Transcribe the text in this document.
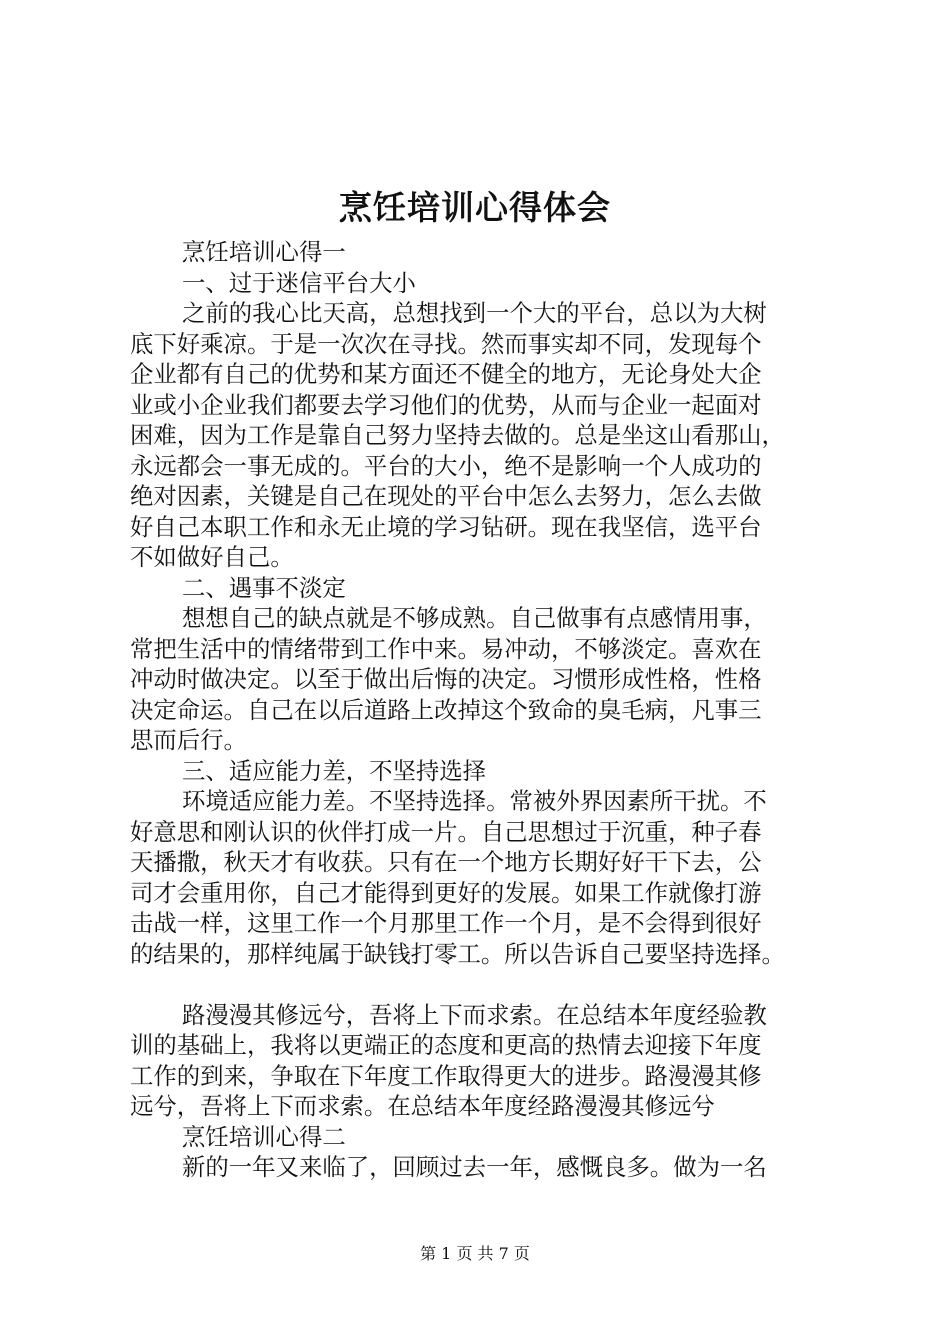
烹饪培训心得体会
烹饪培训心得一
一、过于迷信平台大小
之前的我心比天高，总想找到一个大的平台，总以为大树
底下好乘凉。于是一次次在寻找。然而事实却不同，发现每个
企业都有自己的优势和某方面还不健全的地方，无论身处大企
业或小企业我们都要去学习他们的优势，从而与企业一起面对
困难，因为工作是靠自己努力坚持去做的。总是坐这山看那山，
永远都会一事无成的。平台的大小，绝不是影响一个人成功的
绝对因素，关键是自己在现处的平台中怎么去努力，怎么去做
好自己本职工作和永无止境的学习钻研。现在我坚信，选平台
不如做好自己。
二、遇事不淡定
想想自己的缺点就是不够成熟。自己做事有点感情用事，
常把生活中的情绪带到工作中来。易冲动，不够淡定。喜欢在
冲动时做决定。以至于做出后悔的决定。习惯形成性格，性格
决定命运。自己在以后道路上改掉这个致命的臭毛病，凡事三
思而后行。
三、适应能力差，不坚持选择
环境适应能力差。不坚持选择。常被外界因素所干扰。不
好意思和刚认识的伙伴打成一片。自己思想过于沉重，种子春
天播撒，秋天才有收获。只有在一个地方长期好好干下去，公
司才会重用你，自己才能得到更好的发展。如果工作就像打游
击战一样，这里工作一个月那里工作一个月，是不会得到很好
的结果的，那样纯属于缺钱打零工。所以告诉自己要坚持选择。
路漫漫其修远兮，吾将上下而求索。在总结本年度经验教
训的基础上，我将以更端正的态度和更高的热情去迎接下年度
工作的到来，争取在下年度工作取得更大的进步。路漫漫其修
远兮，吾将上下而求索。在总结本年度经路漫漫其修远兮
烹饪培训心得二
新的一年又来临了，回顾过去一年，感慨良多。做为一名
第 1 页 共 7 页
